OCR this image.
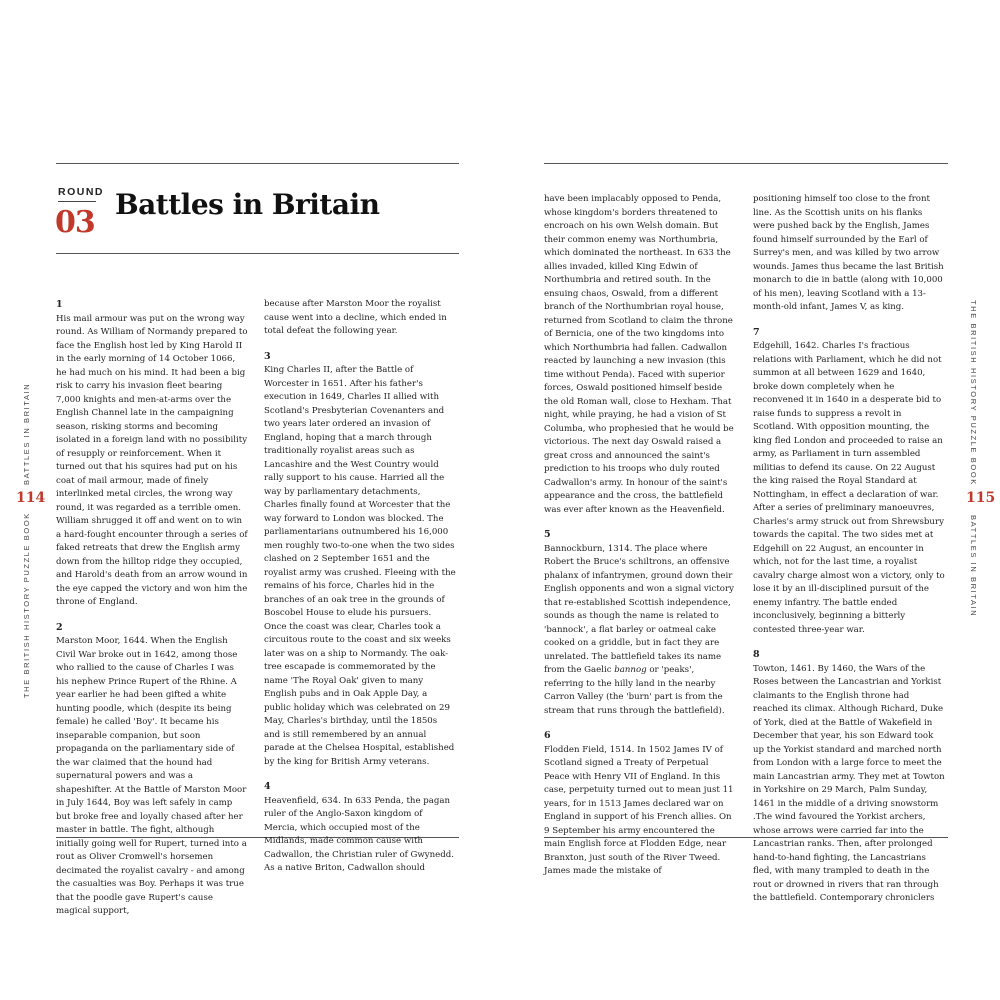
ROUND
03
Battles in Britain
BATTLES IN BRITAIN
THE BRITISH HISTORY PUZZLE BOOK
114
THE BRITISH HISTORY PUZZLE BOOK
BATTLES IN BRITAIN
115
1

His mail armour was put on the wrong way round. As William of Normandy prepared to face the English host led by King Harold II in the early morning of 14 October 1066, he had much on his mind. It had been a big risk to carry his invasion fleet bearing 7,000 knights and men-at-arms over the English Channel late in the campaigning season, risking storms and becoming isolated in a foreign land with no possibility of resupply or reinforcement. When it turned out that his squires had put on his coat of mail armour, made of finely interlinked metal circles, the wrong way round, it was regarded as a terrible omen. William shrugged it off and went on to win a hard-fought encounter through a series of faked retreats that drew the English army down from the hilltop ridge they occupied, and Harold's death from an arrow wound in the eye capped the victory and won him the throne of England.

2

Marston Moor, 1644. When the English Civil War broke out in 1642, among those who rallied to the cause of Charles I was his nephew Prince Rupert of the Rhine. A year earlier he had been gifted a white hunting poodle, which (despite its being female) he called 'Boy'. It became his inseparable companion, but soon propaganda on the parliamentary side of the war claimed that the hound had supernatural powers and was a shapeshifter. At the Battle of Marston Moor in July 1644, Boy was left safely in camp but broke free and loyally chased after her master in battle. The fight, although initially going well for Rupert, turned into a rout as Oliver Cromwell's horsemen decimated the royalist cavalry - and among the casualties was Boy. Perhaps it was true that the poodle gave Rupert's cause magical support,

because after Marston Moor the royalist cause went into a decline, which ended in total defeat the following year.

3

King Charles II, after the Battle of Worcester in 1651. After his father's execution in 1649, Charles II allied with Scotland's Presbyterian Covenanters and two years later ordered an invasion of England, hoping that a march through traditionally royalist areas such as Lancashire and the West Country would rally support to his cause. Harried all the way by parliamentary detachments, Charles finally found at Worcester that the way forward to London was blocked. The parliamentarians outnumbered his 16,000 men roughly two-to-one when the two sides clashed on 2 September 1651 and the royalist army was crushed. Fleeing with the remains of his force, Charles hid in the branches of an oak tree in the grounds of Boscobel House to elude his pursuers. Once the coast was clear, Charles took a circuitous route to the coast and six weeks later was on a ship to Normandy. The oak-tree escapade is commemorated by the name 'The Royal Oak' given to many English pubs and in Oak Apple Day, a public holiday which was celebrated on 29 May, Charles's birthday, until the 1850s and is still remembered by an annual parade at the Chelsea Hospital, established by the king for British Army veterans.

4

Heavenfield, 634. In 633 Penda, the pagan ruler of the Anglo-Saxon kingdom of Mercia, which occupied most of the Midlands, made common cause with Cadwallon, the Christian ruler of Gwynedd. As a native Briton, Cadwallon should

have been implacably opposed to Penda, whose kingdom's borders threatened to encroach on his own Welsh domain. But their common enemy was Northumbria, which dominated the northeast. In 633 the allies invaded, killed King Edwin of Northumbria and retired south. In the ensuing chaos, Oswald, from a different branch of the Northumbrian royal house, returned from Scotland to claim the throne of Bernicia, one of the two kingdoms into which Northumbria had fallen. Cadwallon reacted by launching a new invasion (this time without Penda). Faced with superior forces, Oswald positioned himself beside the old Roman wall, close to Hexham. That night, while praying, he had a vision of St Columba, who prophesied that he would be victorious. The next day Oswald raised a great cross and announced the saint's prediction to his troops who duly routed Cadwallon's army. In honour of the saint's appearance and the cross, the battlefield was ever after known as the Heavenfield.

5

Bannockburn, 1314. The place where Robert the Bruce's schiltrons, an offensive phalanx of infantrymen, ground down their English opponents and won a signal victory that re-established Scottish independence, sounds as though the name is related to 'bannock', a flat barley or oatmeal cake cooked on a griddle, but in fact they are unrelated. The battlefield takes its name from the Gaelic bannog or 'peaks', referring to the hilly land in the nearby Carron Valley (the 'burn' part is from the stream that runs through the battlefield).

6

Flodden Field, 1514. In 1502 James IV of Scotland signed a Treaty of Perpetual Peace with Henry VII of England. In this case, perpetuity turned out to mean just 11 years, for in 1513 James declared war on England in support of his French allies. On 9 September his army encountered the main English force at Flodden Edge, near Branxton, just south of the River Tweed. James made the mistake of

positioning himself too close to the front line. As the Scottish units on his flanks were pushed back by the English, James found himself surrounded by the Earl of Surrey's men, and was killed by two arrow wounds. James thus became the last British monarch to die in battle (along with 10,000 of his men), leaving Scotland with a 13-month-old infant, James V, as king.

7

Edgehill, 1642. Charles I's fractious relations with Parliament, which he did not summon at all between 1629 and 1640, broke down completely when he reconvened it in 1640 in a desperate bid to raise funds to suppress a revolt in Scotland. With opposition mounting, the king fled London and proceeded to raise an army, as Parliament in turn assembled militias to defend its cause. On 22 August the king raised the Royal Standard at Nottingham, in effect a declaration of war. After a series of preliminary manoeuvres, Charles's army struck out from Shrewsbury towards the capital. The two sides met at Edgehill on 22 August, an encounter in which, not for the last time, a royalist cavalry charge almost won a victory, only to lose it by an ill-disciplined pursuit of the enemy infantry. The battle ended inconclusively, beginning a bitterly contested three-year war.

8

Towton, 1461. By 1460, the Wars of the Roses between the Lancastrian and Yorkist claimants to the English throne had reached its climax. Although Richard, Duke of York, died at the Battle of Wakefield in December that year, his son Edward took up the Yorkist standard and marched north from London with a large force to meet the main Lancastrian army. They met at Towton in Yorkshire on 29 March, Palm Sunday, 1461 in the middle of a driving snowstorm .The wind favoured the Yorkist archers, whose arrows were carried far into the Lancastrian ranks. Then, after prolonged hand-to-hand fighting, the Lancastrians fled, with many trampled to death in the rout or drowned in rivers that ran through the battlefield. Contemporary chroniclers
